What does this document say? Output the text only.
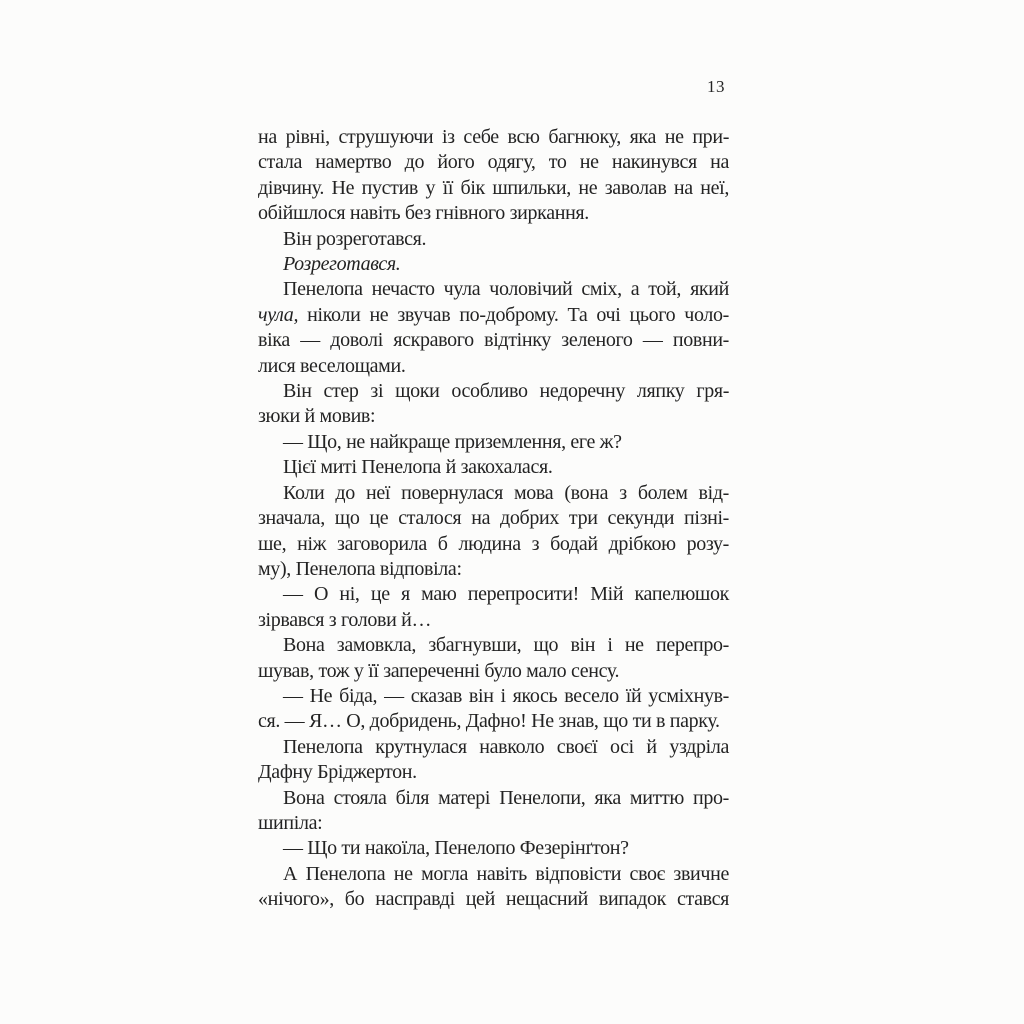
13
на рівні, струшуючи із себе всю багнюку, яка не при-
стала намертво до його одягу, то не накинувся на
дівчину. Не пустив у її бік шпильки, не заволав на неї,
обійшлося навіть без гнівного зиркання.
Він розреготався.
Розреготався.
Пенелопа нечасто чула чоловічий сміх, а той, який
чула, ніколи не звучав по-доброму. Та очі цього чоло-
віка — доволі яскравого відтінку зеленого — повни-
лися веселощами.
Він стер зі щоки особливо недоречну ляпку гря-
зюки й мовив:
— Що, не найкраще приземлення, еге ж?
Цієї миті Пенелопа й закохалася.
Коли до неї повернулася мова (вона з болем від-
значала, що це сталося на добрих три секунди пізні-
ше, ніж заговорила б людина з бодай дрібкою розу-
му), Пенелопа відповіла:
— О ні, це я маю перепросити! Мій капелюшок
зірвався з голови й…
Вона замовкла, збагнувши, що він і не перепро-
шував, тож у її запереченні було мало сенсу.
— Не біда, — сказав він і якось весело їй усміхнув-
ся. — Я… О, добридень, Дафно! Не знав, що ти в парку.
Пенелопа крутнулася навколо своєї осі й уздріла
Дафну Бріджертон.
Вона стояла біля матері Пенелопи, яка миттю про-
шипіла:
— Що ти накоїла, Пенелопо Фезерінґтон?
А Пенелопа не могла навіть відповісти своє звичне
«нічого», бо насправді цей нещасний випадок стався
